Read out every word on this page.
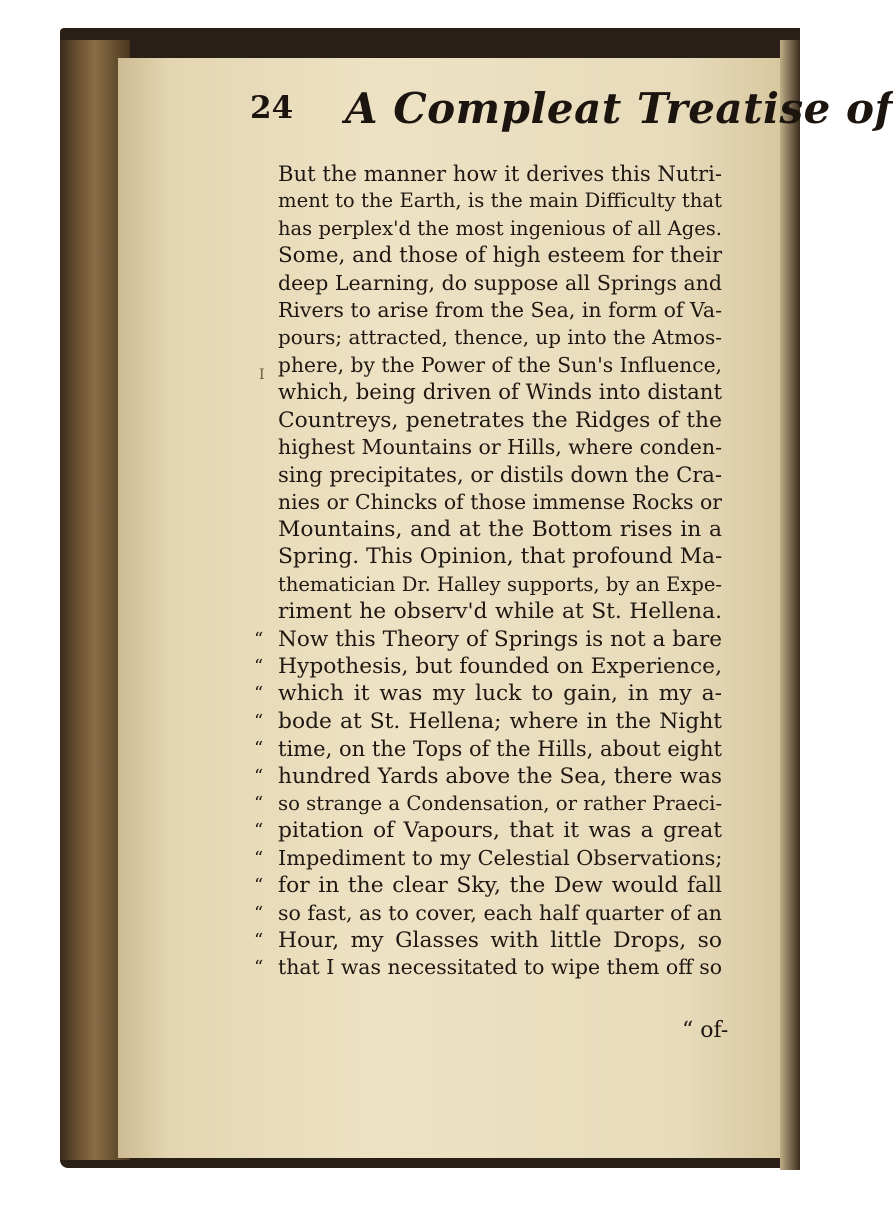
24 A Compleat Treatise of
I
But the manner how it derives this Nutri-
ment to the Earth, is the main Difficulty that
has perplex'd the most ingenious of all Ages.
Some, and those of high esteem for their
deep Learning, do suppose all Springs and
Rivers to arise from the Sea, in form of Va-
pours; attracted, thence, up into the Atmos-
phere, by the Power of the Sun's Influence,
which, being driven of Winds into distant
Countreys, penetrates the Ridges of the
highest Mountains or Hills, where conden-
sing precipitates, or distils down the Cra-
nies or Chincks of those immense Rocks or
Mountains, and at the Bottom rises in a
Spring. This Opinion, that profound Ma-
thematician Dr. Halley supports, by an Expe-
riment he observ'd while at St. Hellena.
“ Now this Theory of Springs is not a bare
“ Hypothesis, but founded on Experience,
“ which it was my luck to gain, in my a-
“ bode at St. Hellena; where in the Night
“ time, on the Tops of the Hills, about eight
“ hundred Yards above the Sea, there was
“ so strange a Condensation, or rather Praeci-
“ pitation of Vapours, that it was a great
“ Impediment to my Celestial Observations;
“ for in the clear Sky, the Dew would fall
“ so fast, as to cover, each half quarter of an
“ Hour, my Glasses with little Drops, so
“ that I was necessitated to wipe them off so
“ of-
